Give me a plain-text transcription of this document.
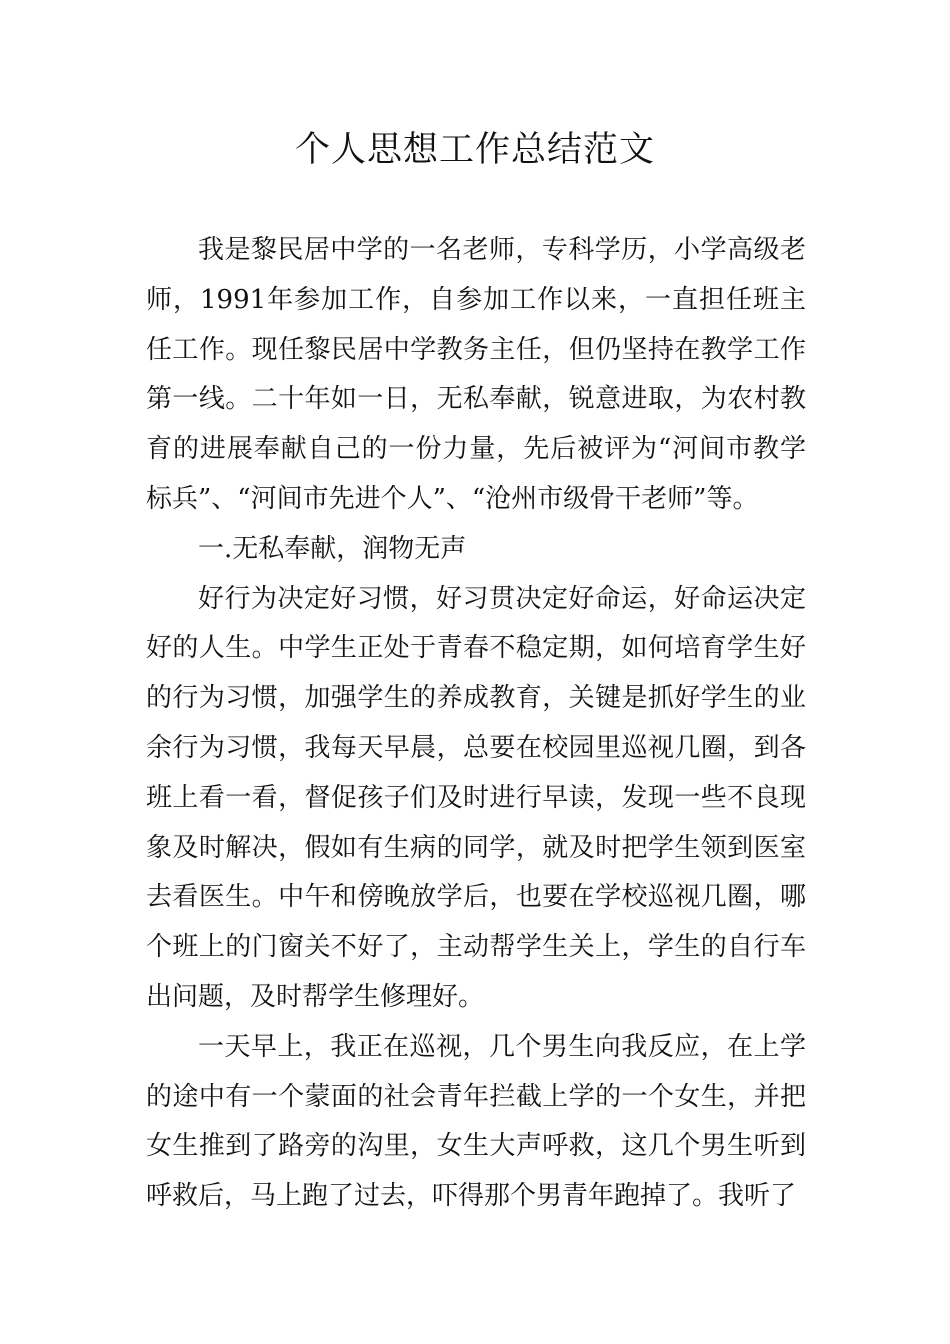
个人思想工作总结范文

我是黎民居中学的一名老师，专科学历，小学高级老师，1991年参加工作，自参加工作以来，一直担任班主任工作。现任黎民居中学教务主任，但仍坚持在教学工作第一线。二十年如一日，无私奉献，锐意进取，为农村教育的进展奉献自己的一份力量，先后被评为“河间市教学标兵”、“河间市先进个人”、“沧州市级骨干老师”等。

一.无私奉献，润物无声

好行为决定好习惯，好习贯决定好命运，好命运决定好的人生。中学生正处于青春不稳定期，如何培育学生好的行为习惯，加强学生的养成教育，关键是抓好学生的业余行为习惯，我每天早晨，总要在校园里巡视几圈，到各班上看一看，督促孩子们及时进行早读，发现一些不良现象及时解决，假如有生病的同学，就及时把学生领到医室去看医生。中午和傍晚放学后，也要在学校巡视几圈，哪个班上的门窗关不好了，主动帮学生关上，学生的自行车出问题，及时帮学生修理好。

一天早上，我正在巡视，几个男生向我反应，在上学的途中有一个蒙面的社会青年拦截上学的一个女生，并把女生推到了路旁的沟里，女生大声呼救，这几个男生听到呼救后，马上跑了过去，吓得那个男青年跑掉了。我听了
